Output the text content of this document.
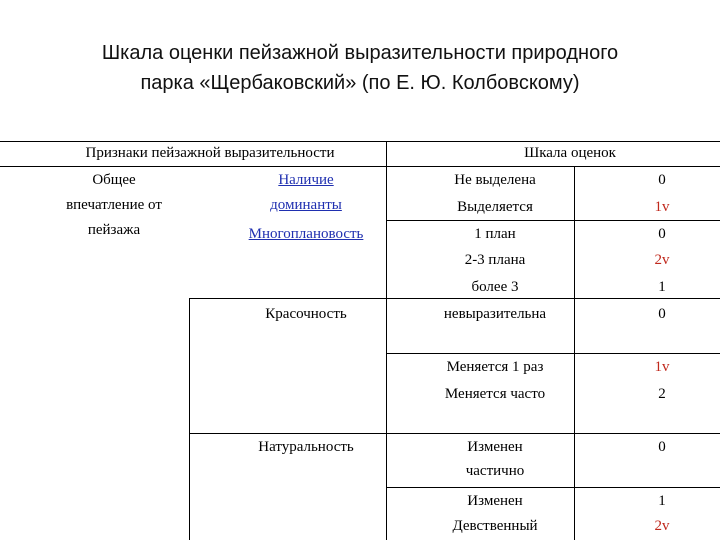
Шкала оценки пейзажной выразительности природного
парка «Щербаковский» (по Е. Ю. Колбовскому)
Признаки пейзажной выразительности	Шкала оценок
Общее
впечатление от
пейзажа
Наличие
доминанты
Многоплановость
Красочность
Натуральность
Не выделена
Выделяется
1 план
2-3 плана
более 3
невыразительна
Меняется 1 раз
Меняется часто
Изменен
частично
Изменен
Девственный
0
1v
0
2v
1
0
1v
2
0
1
2v
